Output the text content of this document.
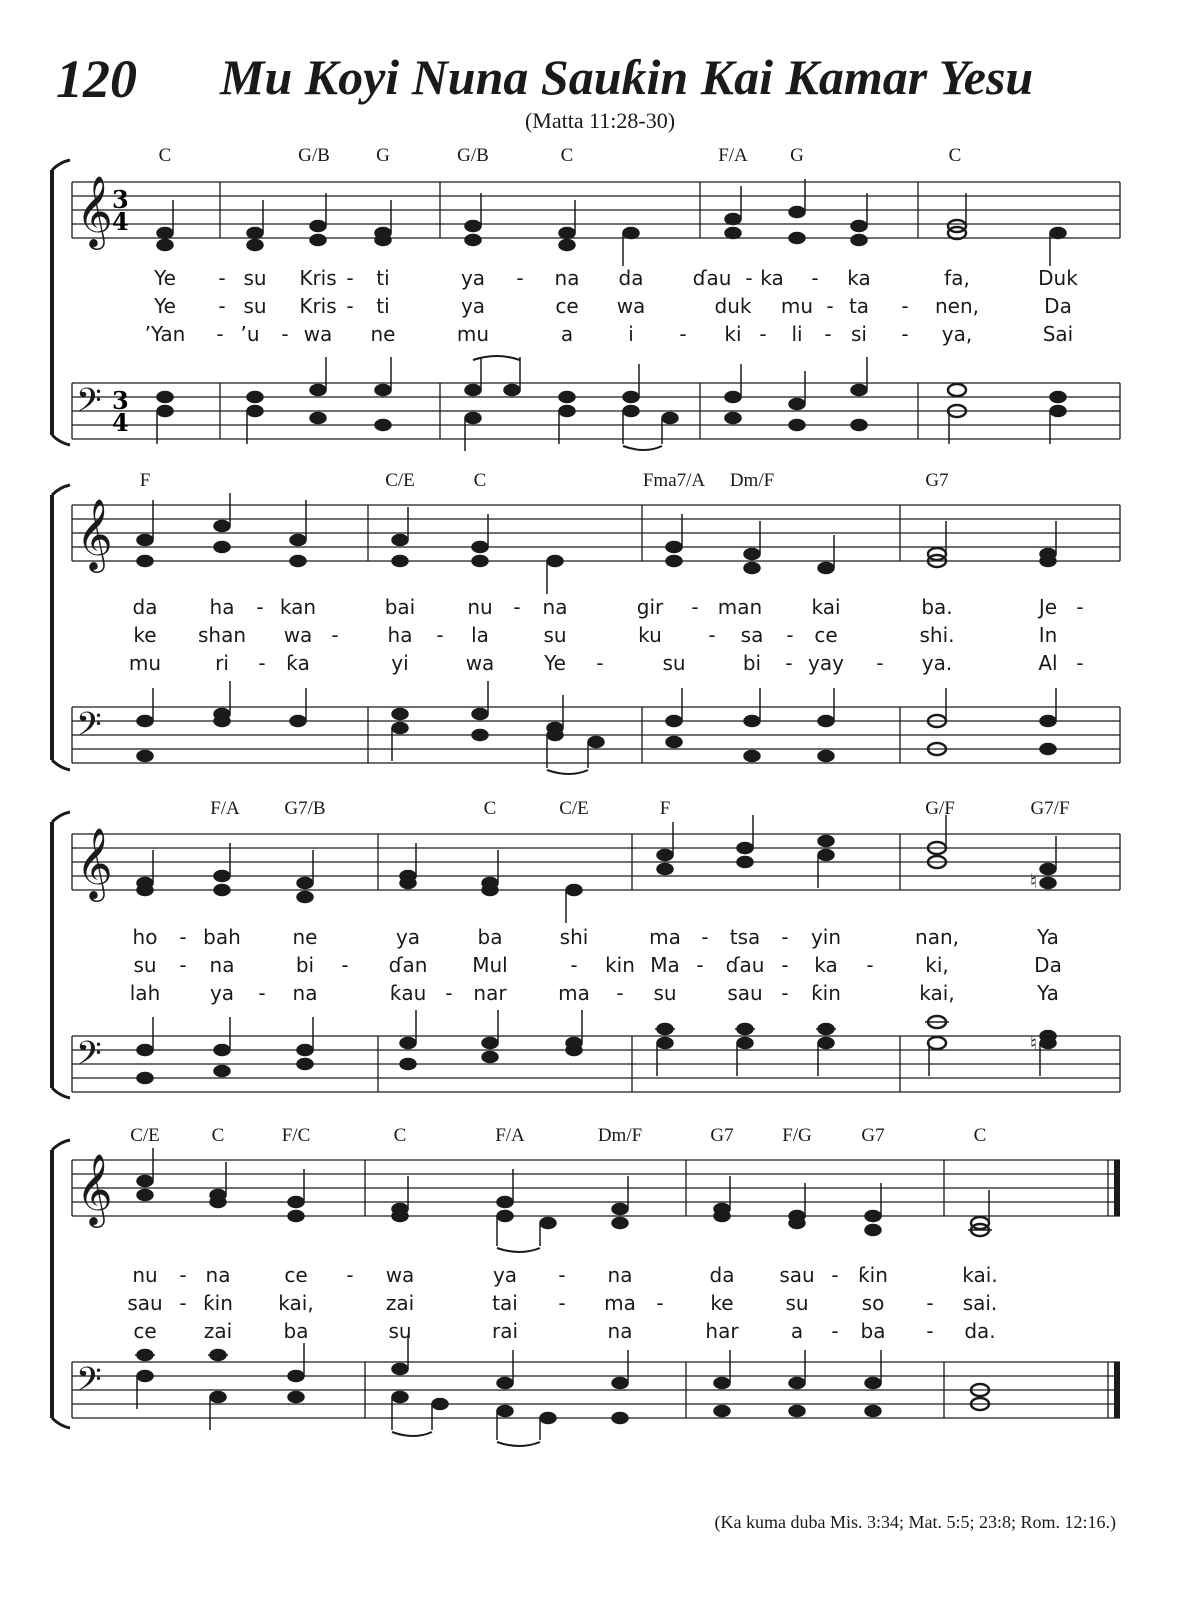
120 Mu Koyi Nuna Sauƙin Kai Kamar Yesu
(Matta 11:28-30)
𝄞 3
4
𝄢 3
4
𝄞
𝄢
𝄞
𝄢
♮
♮
𝄞
𝄢
C	G/B G	G/B	C	F/A G	C
Ye - su Kris - ti	ya - na da ɗau - ka - ka	fa,	Duk
Ye - su Kris - ti	ya	ce wa	duk mu - ta - nen,	Da
’Yan - ’u - wa ne	mu	a	i - ki - li - si - ya,	Sai
F	C/E	C	Fma7/A Dm/F	G7
da	ha - kan	bai	nu - na	gir - man kai	ba.	Je -
ke shan wa - ha - la	su	ku - sa - ce	shi.	In
mu	ri - ƙa	yi	wa Ye -	su	bi - yay - ya.	Al -
F/A G7/B	C	C/E	F	G/F	G7/F
ho - bah	ne	ya	ba	shi	ma - tsa - yin	nan,	Ya
su - na	bi - ɗan Mul	- kin Ma - ɗau - ka -	ki,	Da
lah ya - na	ƙau - nar	ma - su	sau - ƙin	kai,	Ya
C/E	C	F/C	C	F/A	Dm/F	G7	F/G	G7	C
nu - na	ce - wa	ya - na	da sau - ƙin	kai.
sau - ƙin kai,	zai	tai - ma - ke	su	so - sai.
ce zai	ba	su	rai	na	har	a - ba - da.
(Ka kuma duba Mis. 3:34; Mat. 5:5; 23:8; Rom. 12:16.)
